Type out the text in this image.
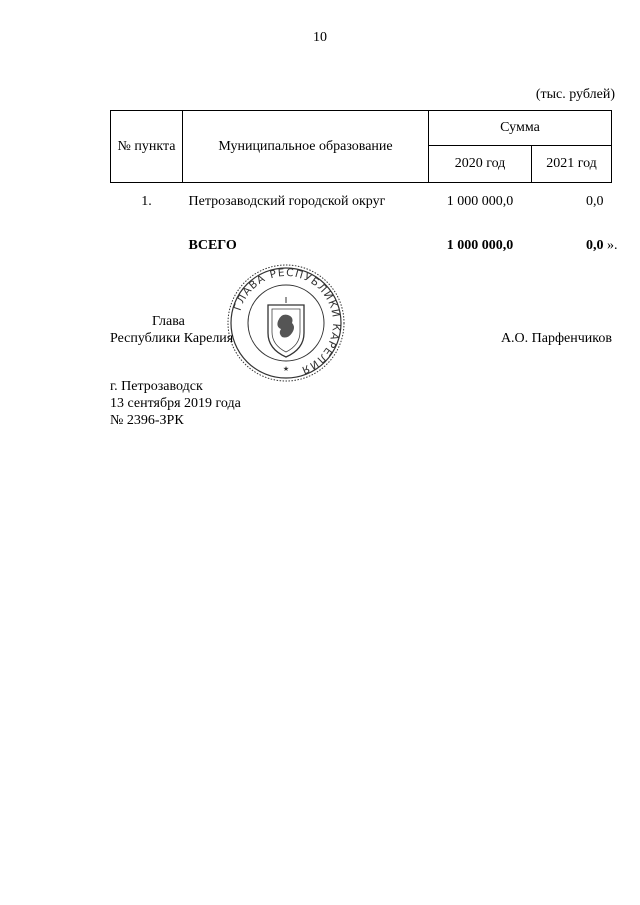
10
(тыс. рублей)
№ пункта	Муниципальное образование	Сумма	
		2020 год	2021 год
1.	Петрозаводский городской округ	1 000 000,0	0,0
	ВСЕГО	1 000 000,0	0,0 ».
ГЛАВА РЕСПУБЛИКИ КАРЕЛИЯ
★
Глава
Республики Карелия	А.О. Парфенчиков
г. Петрозаводск
13 сентября 2019 года
№ 2396-ЗРК
